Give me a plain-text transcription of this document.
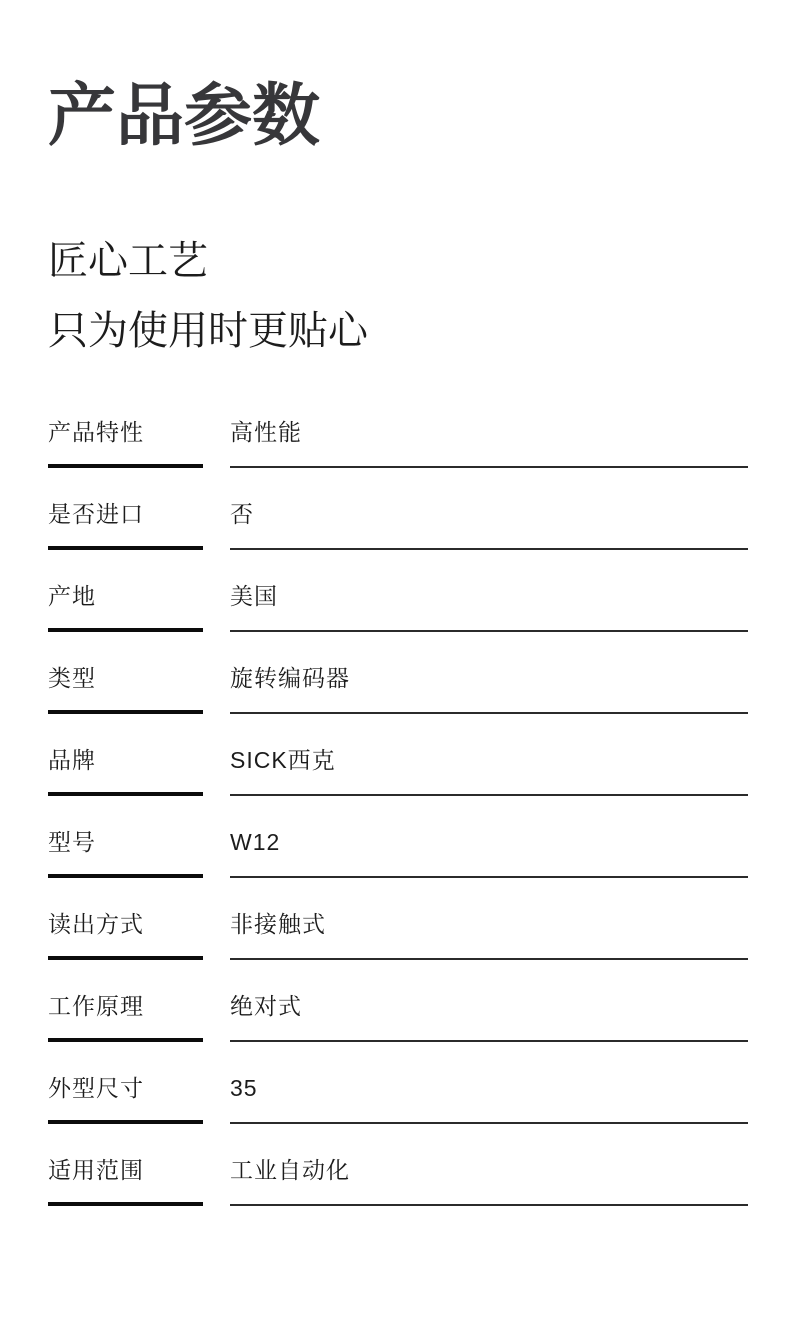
产品参数
匠心工艺
只为使用时更贴心
产品特性	高性能
是否进口	否
产地	美国
类型	旋转编码器
品牌	SICK西克
型号	W12
读出方式	非接触式
工作原理	绝对式
外型尺寸	35
适用范围	工业自动化
